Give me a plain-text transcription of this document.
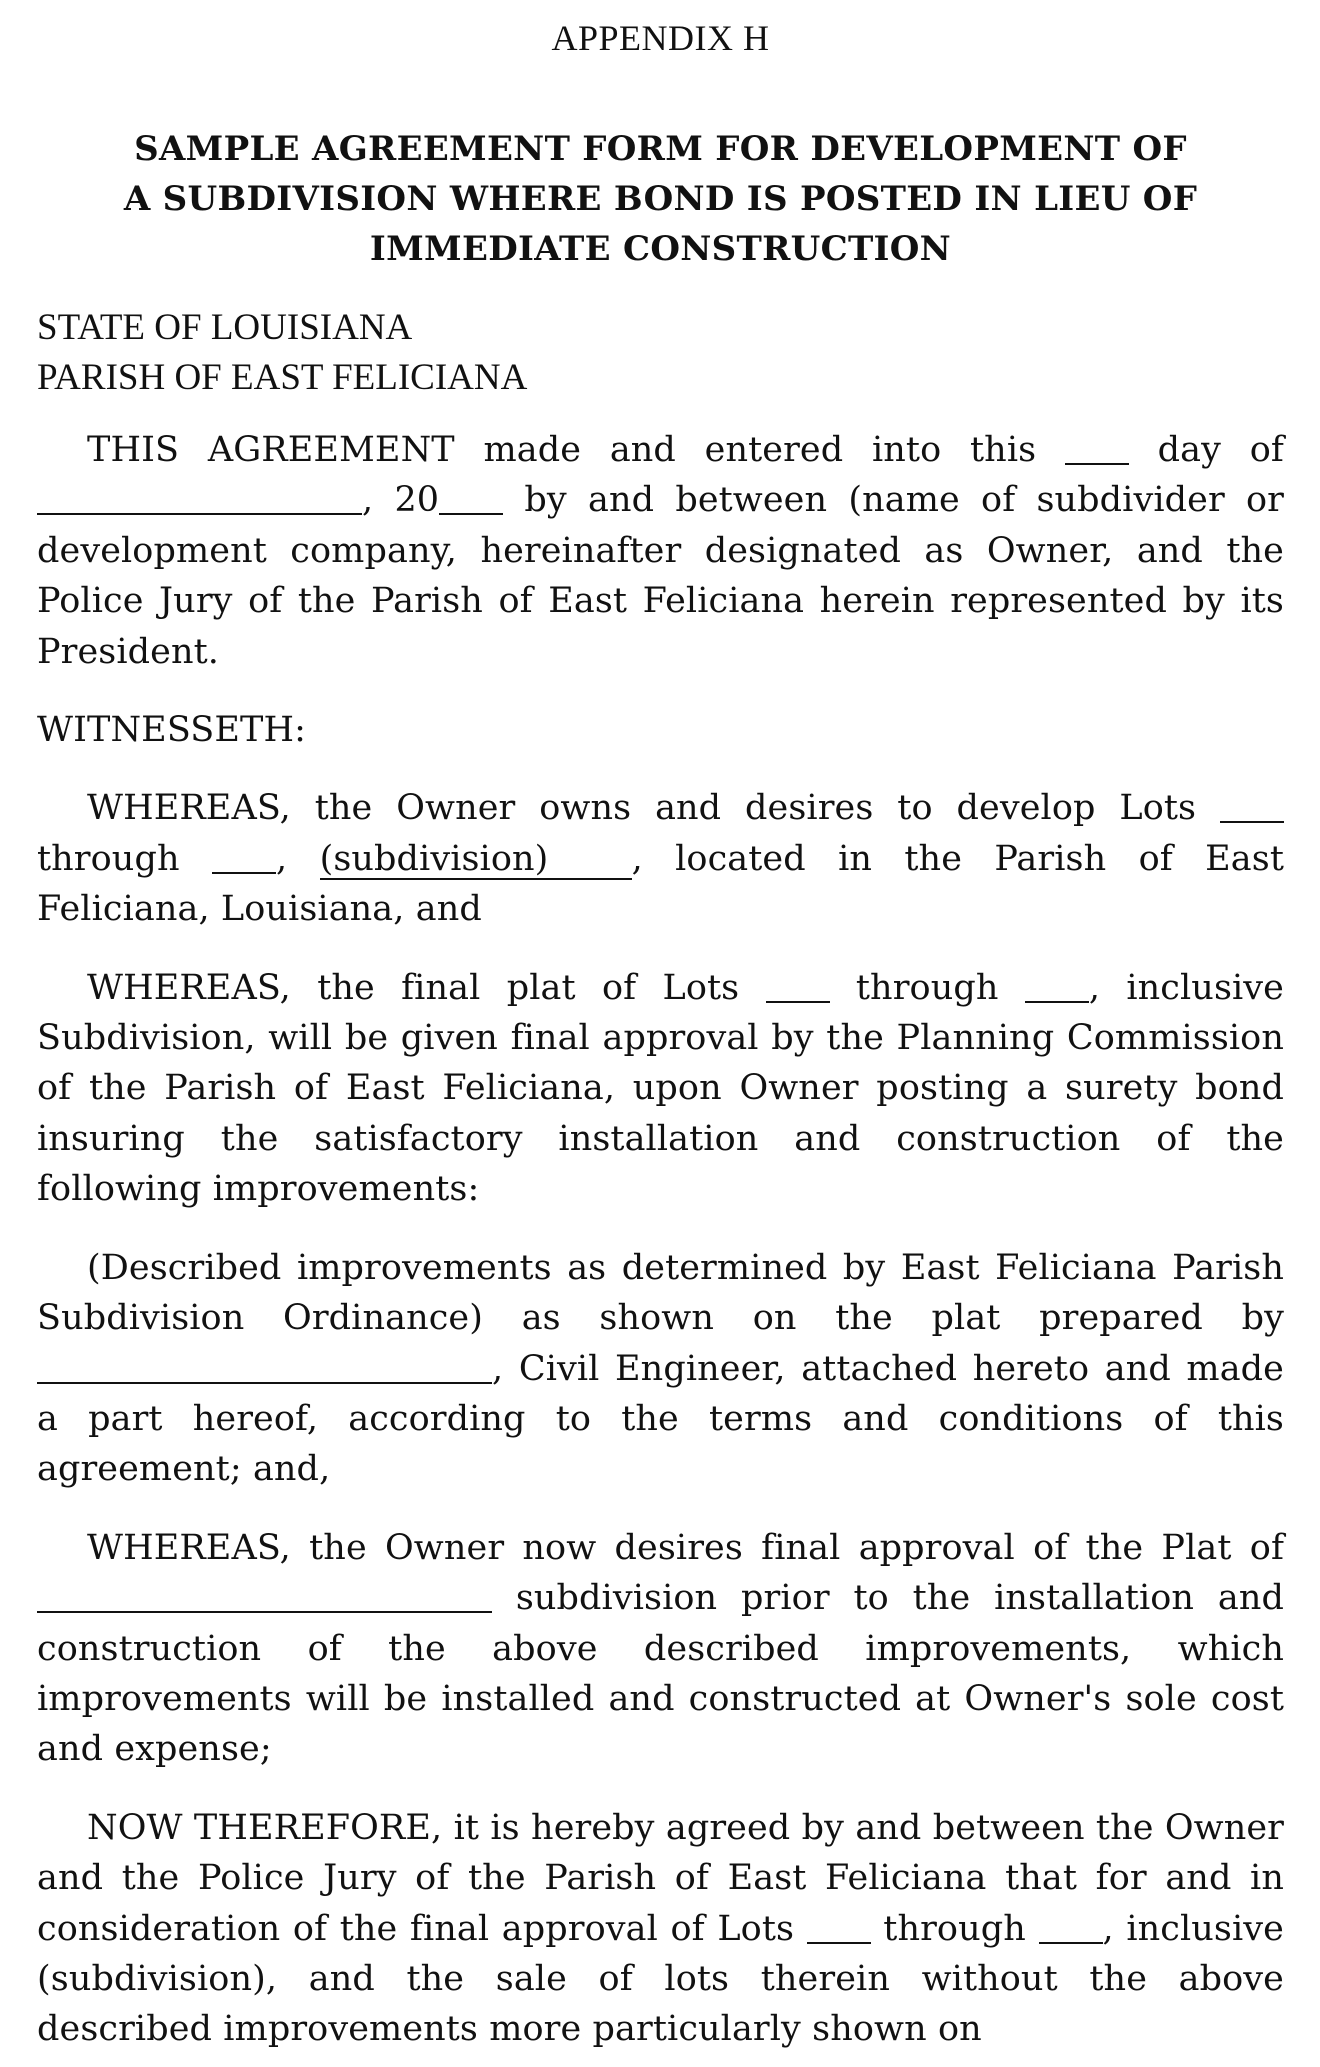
APPENDIX H
SAMPLE AGREEMENT FORM FOR DEVELOPMENT OF
A SUBDIVISION WHERE BOND IS POSTED IN LIEU OF
IMMEDIATE CONSTRUCTION
STATE OF LOUISIANA
PARISH OF EAST FELICIANA

THIS AGREEMENT made and entered into this	day of , 20 by and between (name of subdivider or development company, hereinafter designated as Owner, and the Police Jury of the Parish of East Feliciana herein represented by its President.

WITNESSETH:

WHEREAS, the Owner owns and desires to develop Lots  through	, (subdivision) , located in the Parish of East Feliciana, Louisiana, and

WHEREAS, the final plat of Lots	through	, inclusive Subdivision, will be given final approval by the Planning Commission of the Parish of East Feliciana, upon Owner posting a surety bond insuring the satisfactory installation and construction of the following improvements:

(Described improvements as determined by East Feliciana Parish Subdivision Ordinance) as shown on the plat prepared by , Civil Engineer, attached hereto and made a part hereof, according to the terms and conditions of this agreement; and,

WHEREAS, the Owner now desires final approval of the Plat of  subdivision prior to the installation and construction of the above described improvements, which improvements will be installed and constructed at Owner's sole cost and expense;

NOW THEREFORE, it is hereby agreed by and between the Owner and the Police Jury of the Parish of East Feliciana that for and in consideration of the final approval of Lots	through , inclusive (subdivision), and the sale of lots therein without the above described improvements more particularly shown on
